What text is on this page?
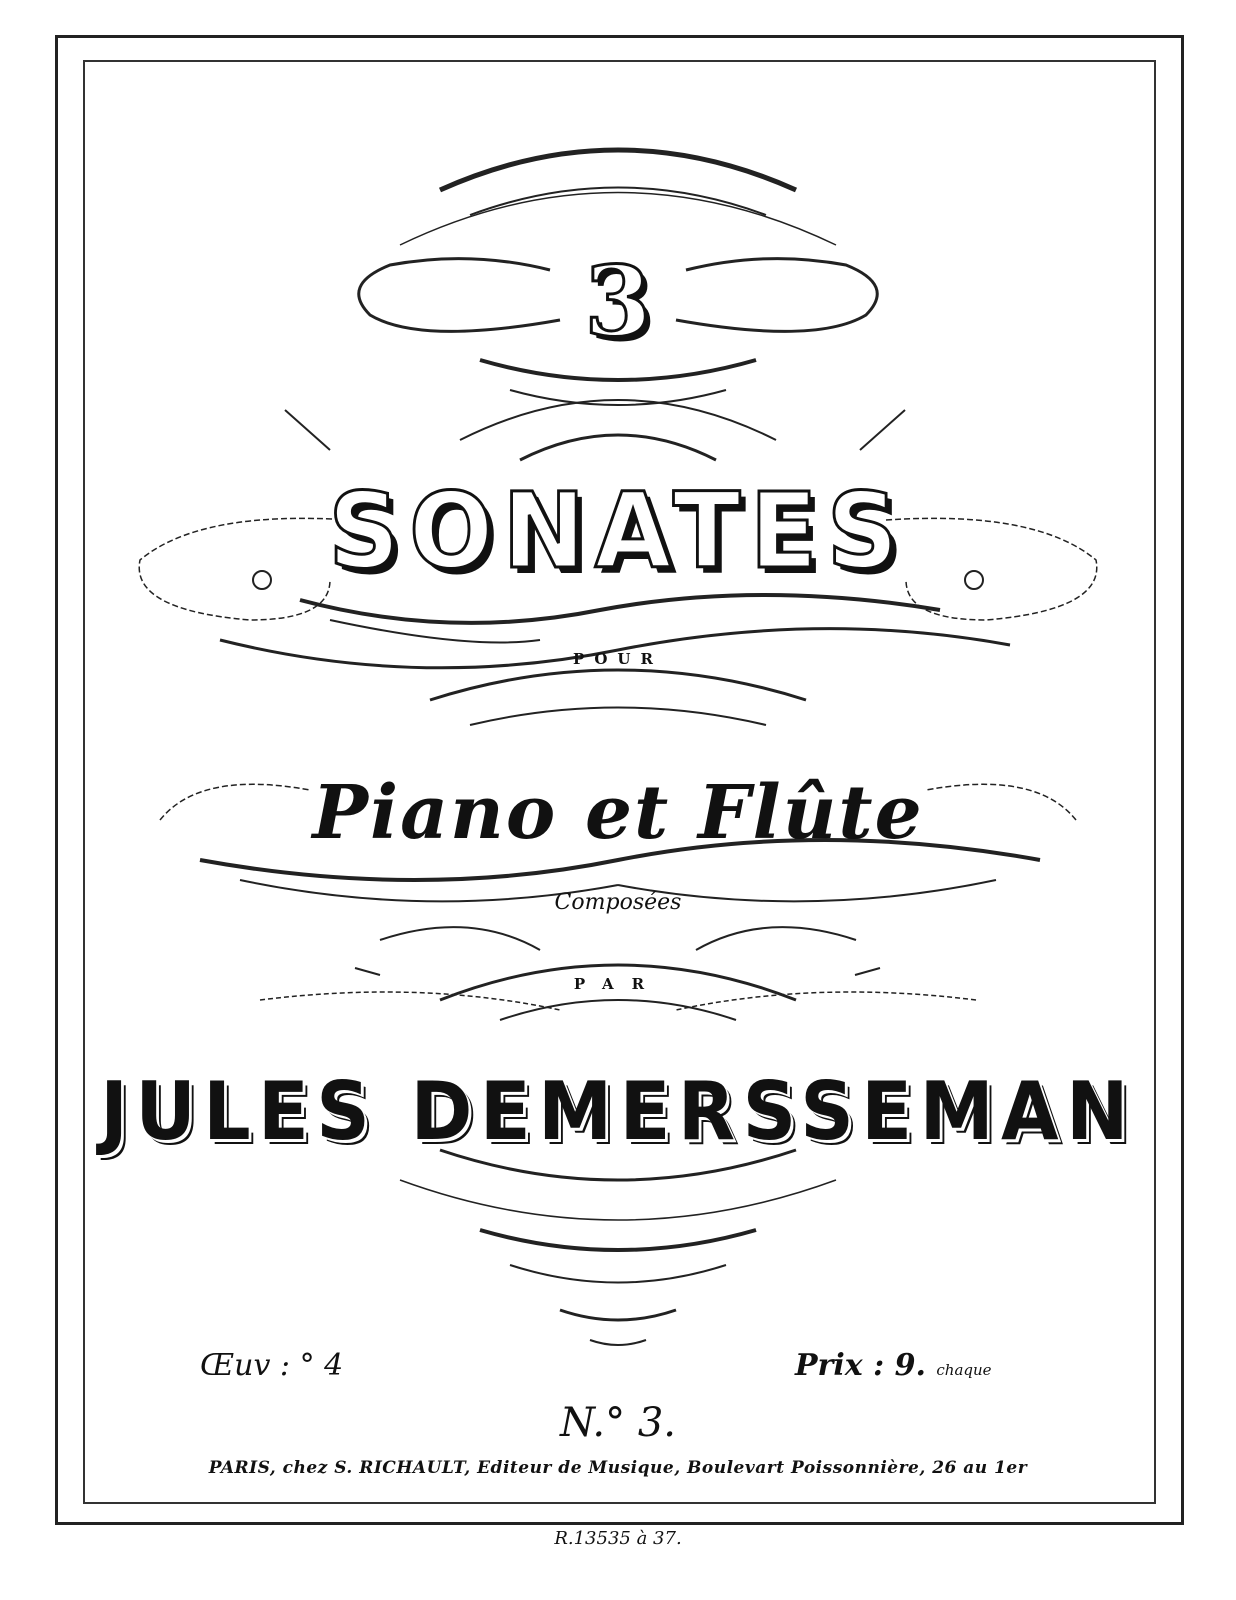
3
SONATES
POUR
Piano et Flûte
Composées
PAR
JULES DEMERSSEMAN
Œuv : ° 4	Prix : 9. chaque
N.° 3.
PARIS, chez S. RICHAULT, Editeur de Musique, Boulevart Poissonnière, 26 au 1er
R.13535 à 37.
